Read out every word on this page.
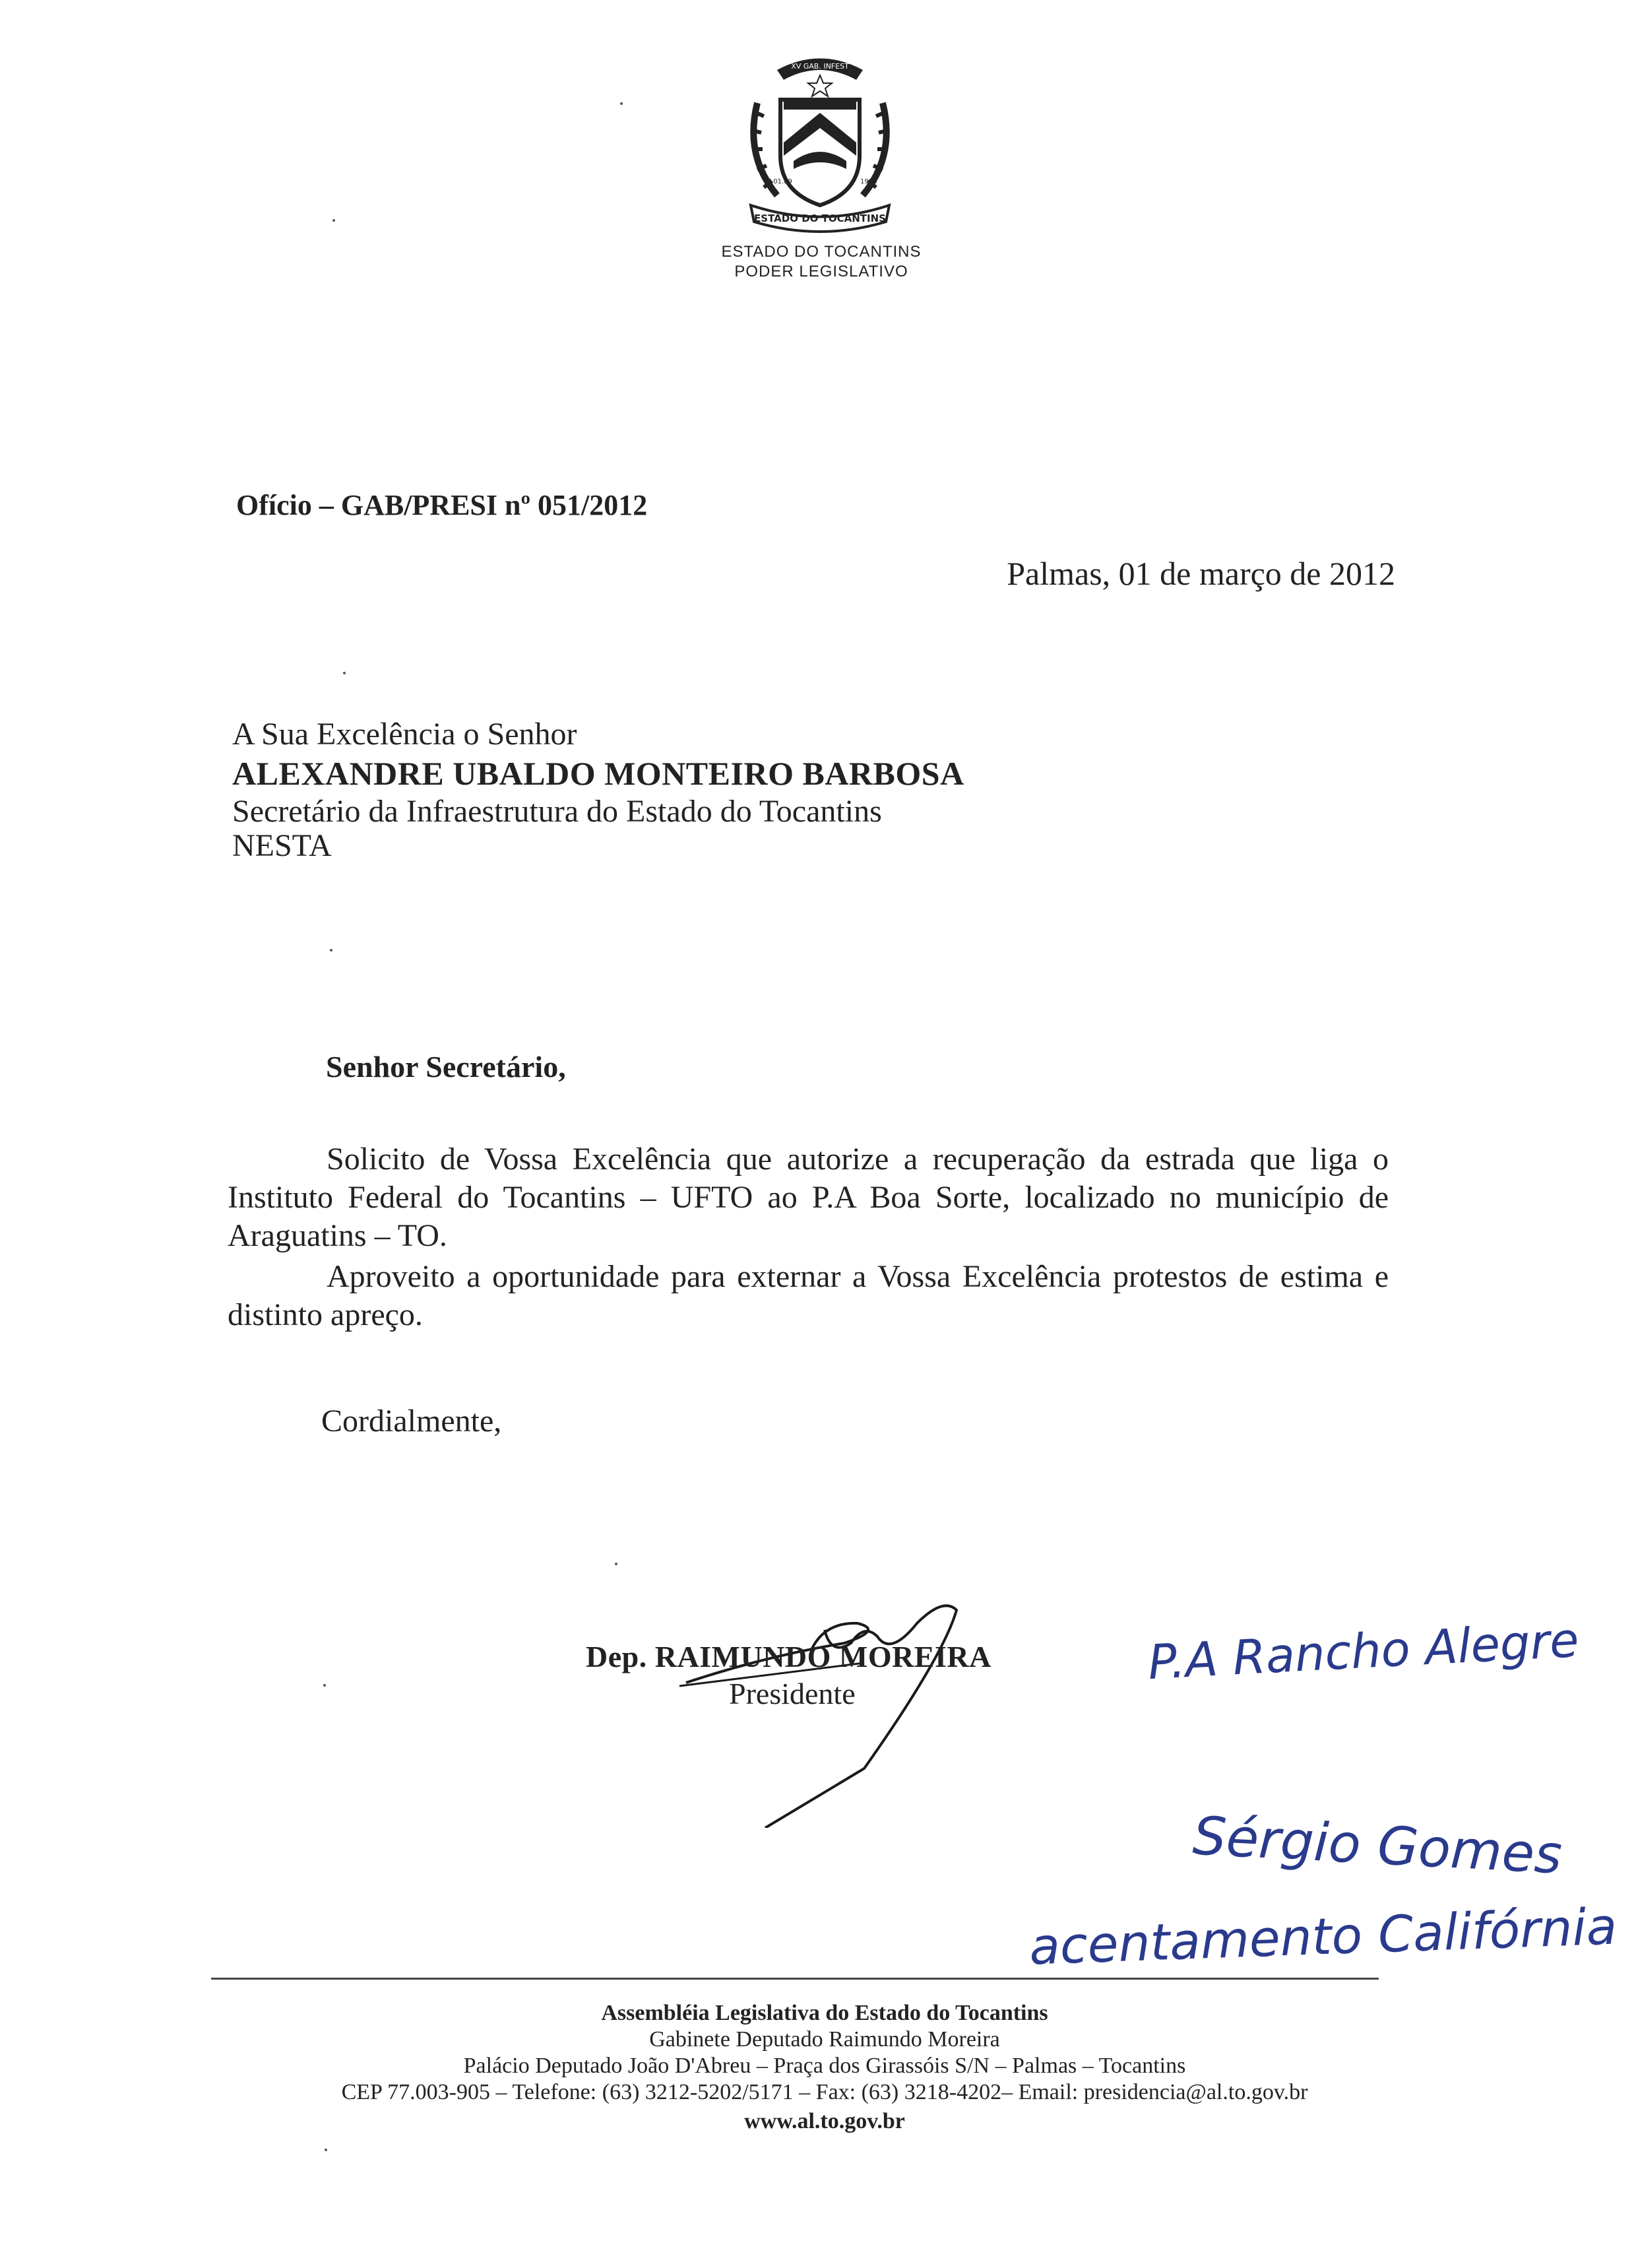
XV GAB. INFEST
1º.01.89	1988
ESTADO DO TOCANTINS
ESTADO DO TOCANTINS
PODER LEGISLATIVO
Ofício – GAB/PRESI nº 051/2012
Palmas, 01 de março de 2012
A Sua Excelência o Senhor
ALEXANDRE UBALDO MONTEIRO BARBOSA
Secretário da Infraestrutura do Estado do Tocantins
NESTA
Senhor Secretário,
Solicito de Vossa Excelência que autorize a recuperação da estrada que liga o Instituto Federal do Tocantins – UFTO ao P.A Boa Sorte, localizado no município de Araguatins – TO.
Aproveito a oportunidade para externar a Vossa Excelência protestos de estima e distinto apreço.
Cordialmente,
Dep. RAIMUNDO MOREIRA
Presidente
P.A Rancho Alegre
Sérgio Gomes
acentamento Califórnia
Assembléia Legislativa do Estado do Tocantins
Gabinete Deputado Raimundo Moreira
Palácio Deputado João D'Abreu – Praça dos Girassóis S/N – Palmas – Tocantins
CEP 77.003-905 – Telefone: (63) 3212-5202/5171 – Fax: (63) 3218-4202– Email: presidencia@al.to.gov.br
www.al.to.gov.br
